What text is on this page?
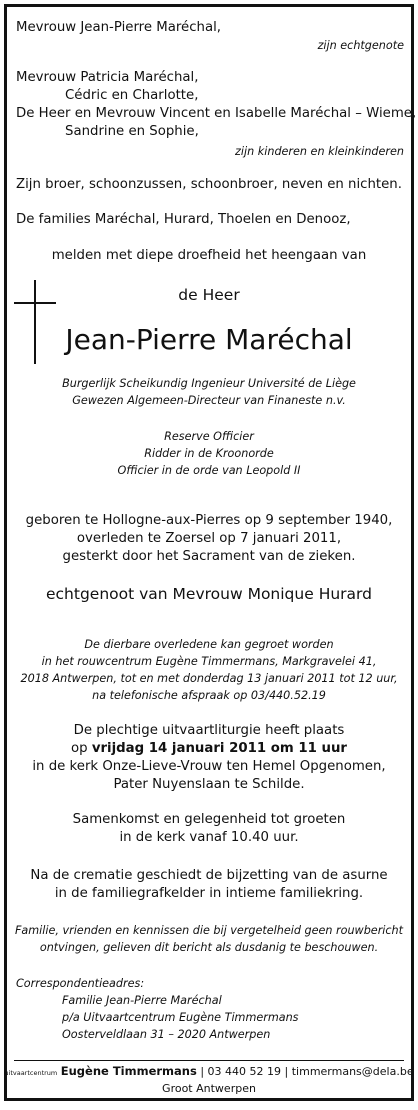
Mevrouw Jean-Pierre Maréchal,
zijn echtgenote
Mevrouw Patricia Maréchal,
Cédric en Charlotte,
De Heer en Mevrouw Vincent en Isabelle Maréchal – Wieme,
Sandrine en Sophie,
zijn kinderen en kleinkinderen
Zijn broer, schoonzussen, schoonbroer, neven en nichten.
De families Maréchal, Hurard, Thoelen en Denooz,
melden met diepe droefheid het heengaan van
de Heer
Jean-Pierre Maréchal
Burgerlijk Scheikundig Ingenieur Université de Liège
Gewezen Algemeen-Directeur van Finaneste n.v.
Reserve Officier
Ridder in de Kroonorde
Officier in de orde van Leopold II
geboren te Hollogne-aux-Pierres op 9 september 1940,
overleden te Zoersel op 7 januari 2011,
gesterkt door het Sacrament van de zieken.
echtgenoot van Mevrouw Monique Hurard
De dierbare overledene kan gegroet worden
in het rouwcentrum Eugène Timmermans, Markgravelei 41,
2018 Antwerpen, tot en met donderdag 13 januari 2011 tot 12 uur,
na telefonische afspraak op 03/440.52.19
De plechtige uitvaartliturgie heeft plaats
op vrijdag 14 januari 2011 om 11 uur
in de kerk Onze-Lieve-Vrouw ten Hemel Opgenomen,
Pater Nuyenslaan te Schilde.
Samenkomst en gelegenheid tot groeten
in de kerk vanaf 10.40 uur.
Na de crematie geschiedt de bijzetting van de asurne
in de familiegrafkelder in intieme familiekring.
Familie, vrienden en kennissen die bij vergetelheid geen rouwbericht
ontvingen, gelieven dit bericht als dusdanig te beschouwen.
Correspondentieadres:
Familie Jean-Pierre Maréchal
p/a Uitvaartcentrum Eugène Timmermans
Oosterveldlaan 31 – 2020 Antwerpen
uitvaartcentrum Eugène Timmermans | 03 440 52 19 | timmermans@dela.be
Groot Antwerpen
